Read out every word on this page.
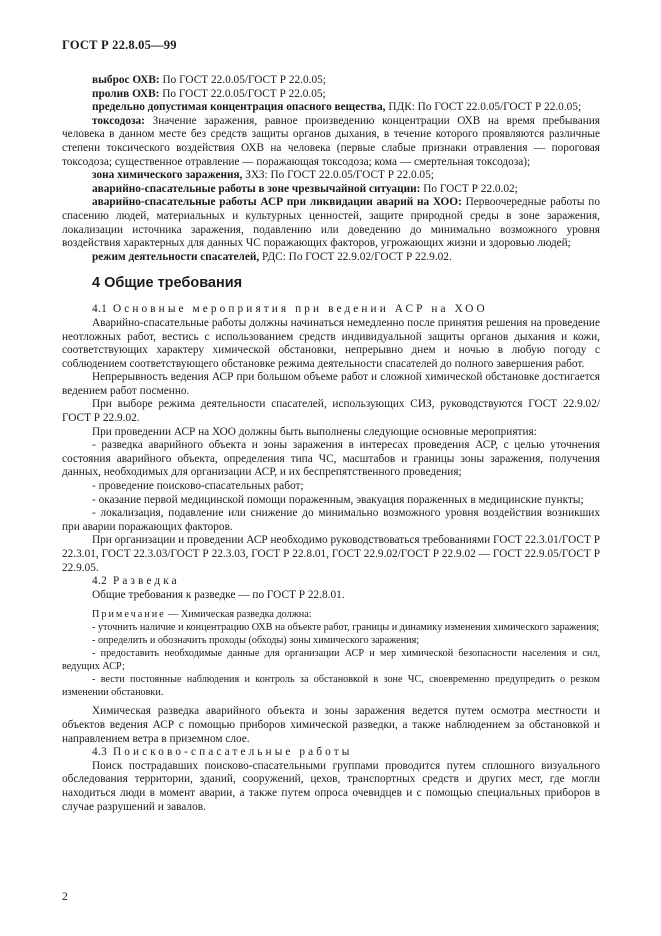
ГОСТ Р 22.8.05—99

выброс ОХВ: По ГОСТ 22.0.05/ГОСТ Р 22.0.05;

пролив ОХВ: По ГОСТ 22.0.05/ГОСТ Р 22.0.05;

предельно допустимая концентрация опасного вещества, ПДК: По ГОСТ 22.0.05/ГОСТ Р 22.0.05;

токсодоза: Значение заражения, равное произведению концентрации ОХВ на время пребывания человека в данном месте без средств защиты органов дыхания, в течение которого проявляются различные степени токсического воздействия ОХВ на человека (первые слабые признаки отравления — пороговая токсодоза; существенное отравление — поражающая токсодоза; кома — смертельная токсодоза);

зона химического заражения, ЗХЗ: По ГОСТ 22.0.05/ГОСТ Р 22.0.05;

аварийно-спасательные работы в зоне чрезвычайной ситуации: По ГОСТ Р 22.0.02;

аварийно-спасательные работы АСР при ликвидации аварий на ХОО: Первоочередные работы по спасению людей, материальных и культурных ценностей, защите природной среды в зоне заражения, локализации источника заражения, подавлению или доведению до минимально возможного уровня воздействия характерных для данных ЧС поражающих факторов, угрожающих жизни и здоровью людей;

режим деятельности спасателей, РДС: По ГОСТ 22.9.02/ГОСТ Р 22.9.02.

4 Общие требования

4.1 Основные мероприятия при ведении АСР на ХОО

Аварийно-спасательные работы должны начинаться немедленно после принятия решения на проведение неотложных работ, вестись с использованием средств индивидуальной защиты органов дыхания и кожи, соответствующих характеру химической обстановки, непрерывно днем и ночью в любую погоду с соблюдением соответствующего обстановке режима деятельности спасателей до полного завершения работ.

Непрерывность ведения АСР при большом объеме работ и сложной химической обстановке достигается ведением работ посменно.

При выборе режима деятельности спасателей, использующих СИЗ, руководствуются ГОСТ 22.9.02/ГОСТ Р 22.9.02.

При проведении АСР на ХОО должны быть выполнены следующие основные мероприятия:

- разведка аварийного объекта и зоны заражения в интересах проведения АСР, с целью уточнения состояния аварийного объекта, определения типа ЧС, масштабов и границы зоны заражения, получения данных, необходимых для организации АСР, и их беспрепятственного проведения;

- проведение поисково-спасательных работ;

- оказание первой медицинской помощи пораженным, эвакуация пораженных в медицинские пункты;

- локализация, подавление или снижение до минимально возможного уровня воздействия возникших при аварии поражающих факторов.

При организации и проведении АСР необходимо руководствоваться требованиями ГОСТ 22.3.01/ГОСТ Р 22.3.01, ГОСТ 22.3.03/ГОСТ Р 22.3.03, ГОСТ Р 22.8.01, ГОСТ 22.9.02/ГОСТ Р 22.9.02 — ГОСТ 22.9.05/ГОСТ Р 22.9.05.

4.2 Разведка

Общие требования к разведке — по ГОСТ Р 22.8.01.

Примечание — Химическая разведка должна:

- уточнить наличие и концентрацию ОХВ на объекте работ, границы и динамику изменения химического заражения;

- определить и обозначить проходы (обходы) зоны химического заражения;

- предоставить необходимые данные для организации АСР и мер химической безопасности населения и сил, ведущих АСР;

- вести постоянные наблюдения и контроль за обстановкой в зоне ЧС, своевременно предупредить о резком изменении обстановки.

Химическая разведка аварийного объекта и зоны заражения ведется путем осмотра местности и объектов ведения АСР с помощью приборов химической разведки, а также наблюдением за обстановкой и направлением ветра в приземном слое.

4.3 Поисково-спасательные работы

Поиск пострадавших поисково-спасательными группами проводится путем сплошного визуального обследования территории, зданий, сооружений, цехов, транспортных средств и других мест, где могли находиться люди в момент аварии, а также путем опроса очевидцев и с помощью специальных приборов в случае разрушений и завалов.

2
